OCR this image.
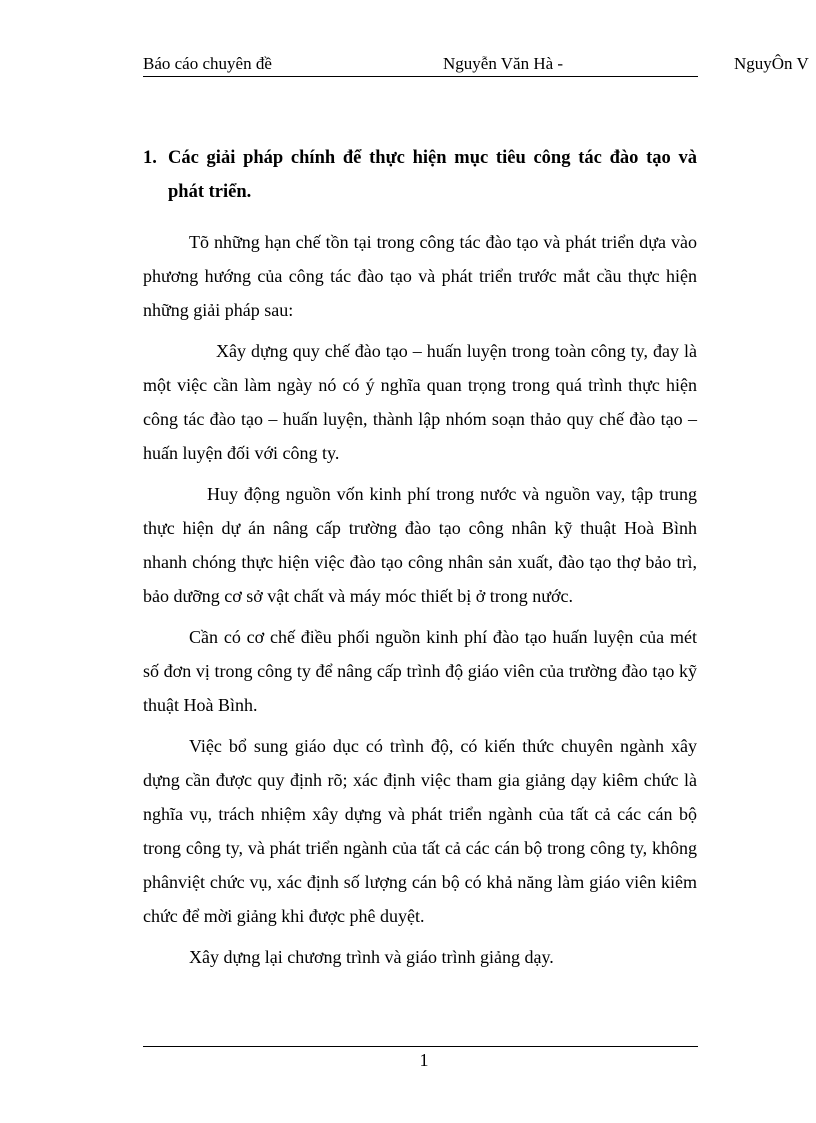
Báo cáo chuyên đề	Nguyễn Văn Hà -	NguyÔn V
1. Các giải pháp chính để thực hiện mục tiêu công tác đào tạo và
phát triển.

Tõ những hạn chế tồn tại trong công tác đào tạo và phát triển dựa vào phương hướng của công tác đào tạo và phát triển trước mắt cầu thực hiện những giải pháp sau:

Xây dựng quy chế đào tạo – huấn luyện trong toàn công ty, đay là một việc cần làm ngày nó có ý nghĩa quan trọng trong quá trình thực hiện công tác đào tạo – huấn luyện, thành lập nhóm soạn thảo quy chế đào tạo – huấn luyện đối với công ty.

Huy động nguồn vốn kinh phí trong nước và nguồn vay, tập trung thực hiện dự án nâng cấp trường đào tạo công nhân kỹ thuật Hoà Bình nhanh chóng thực hiện việc đào tạo công nhân sản xuất, đào tạo thợ bảo trì, bảo dưỡng cơ sở vật chất và máy móc thiết bị ở trong nước.

Cần có cơ chế điều phối nguồn kinh phí đào tạo huấn luyện của mét số đơn vị trong công ty để nâng cấp trình độ giáo viên của trường đào tạo kỹ thuật Hoà Bình.

Việc bổ sung giáo dục có trình độ, có kiến thức chuyên ngành xây dựng cần được quy định rõ; xác định việc tham gia giảng dạy kiêm chức là nghĩa vụ, trách nhiệm xây dựng và phát triển ngành của tất cả các cán bộ trong công ty, và phát triển ngành của tất cả các cán bộ trong công ty, không phânviệt chức vụ, xác định số lượng cán bộ có khả năng làm giáo viên kiêm chức để mời giảng khi được phê duyệt.

Xây dựng lại chương trình và giáo trình giảng dạy.

1
